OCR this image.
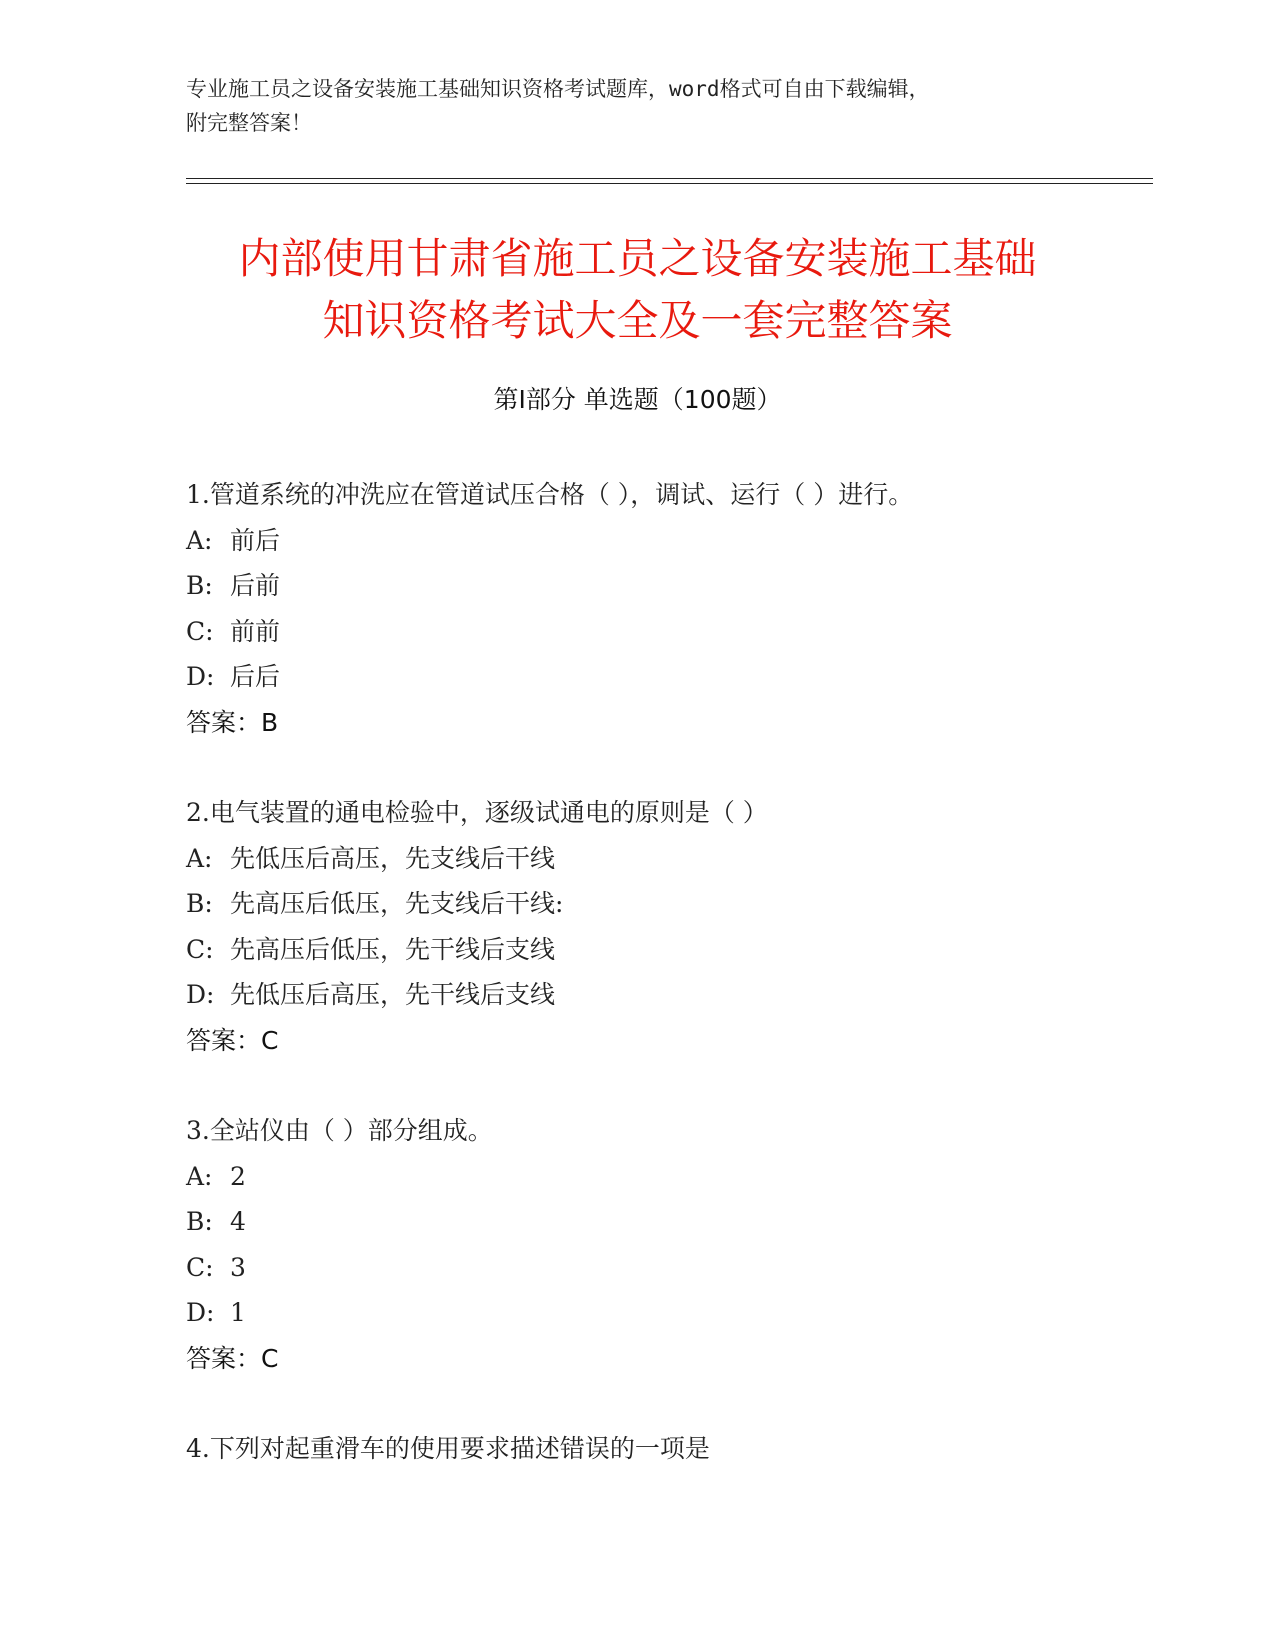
专业施工员之设备安装施工基础知识资格考试题库，word格式可自由下载编辑，
附完整答案！
内部使用甘肃省施工员之设备安装施工基础
知识资格考试大全及一套完整答案
第Ⅰ部分 单选题（100题）
1.管道系统的冲洗应在管道试压合格（ ），调试、运行（ ）进行。
A: 前后
B: 后前
C: 前前
D: 后后
答案：B
2.电气装置的通电检验中，逐级试通电的原则是（ ）
A: 先低压后高压，先支线后干线
B: 先高压后低压，先支线后干线:
C: 先高压后低压，先干线后支线
D: 先低压后高压，先干线后支线
答案：C
3.全站仪由（ ）部分组成。
A: 2
B: 4
C: 3
D: 1
答案：C
4.下列对起重滑车的使用要求描述错误的一项是
